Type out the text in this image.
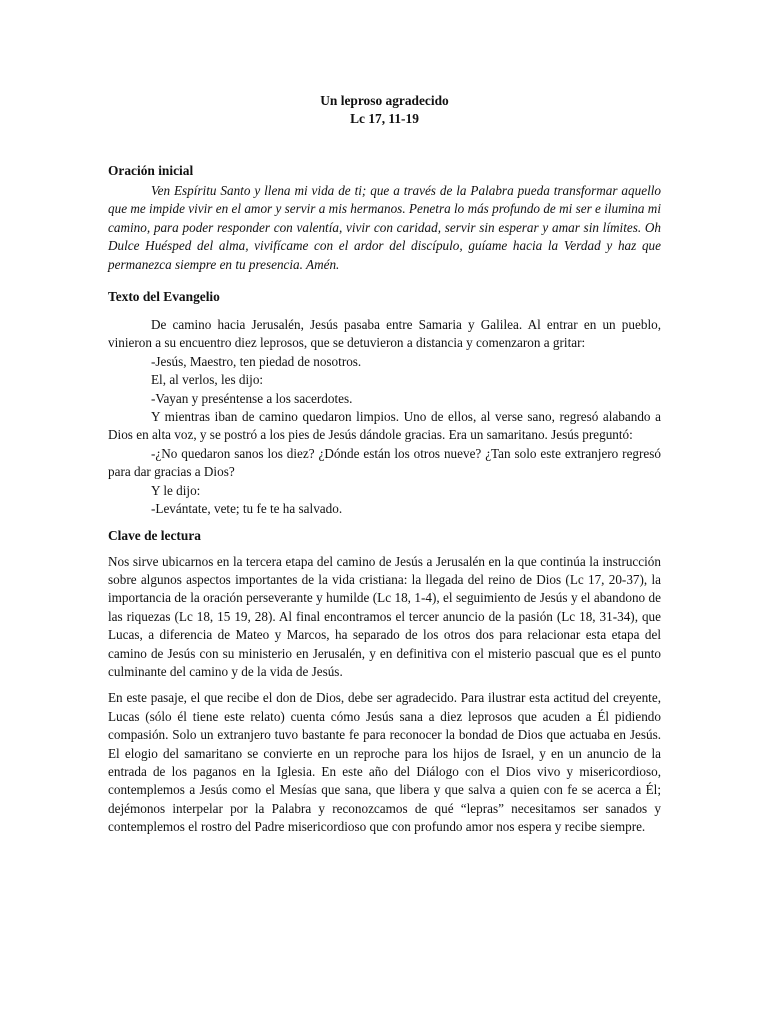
Un leproso agradecido
Lc 17, 11-19
Oración inicial

Ven Espíritu Santo y llena mi vida de ti; que a través de la Palabra pueda transformar aquello que me impide vivir en el amor y servir a mis hermanos. Penetra lo más profundo de mi ser e ilumina mi camino, para poder responder con valentía, vivir con caridad, servir sin esperar y amar sin límites. Oh Dulce Huésped del alma, vivifícame con el ardor del discípulo, guíame hacia la Verdad y haz que permanezca siempre en tu presencia. Amén.

Texto del Evangelio

De camino hacia Jerusalén, Jesús pasaba entre Samaria y Galilea. Al entrar en un pueblo, vinieron a su encuentro diez leprosos, que se detuvieron a distancia y comenzaron a gritar:

-Jesús, Maestro, ten piedad de nosotros.

El, al verlos, les dijo:

-Vayan y preséntense a los sacerdotes.

Y mientras iban de camino quedaron limpios. Uno de ellos, al verse sano, regresó alabando a Dios en alta voz, y se postró a los pies de Jesús dándole gracias. Era un samaritano. Jesús preguntó:

-¿No quedaron sanos los diez? ¿Dónde están los otros nueve? ¿Tan solo este extranjero regresó para dar gracias a Dios?

Y le dijo:

-Levántate, vete; tu fe te ha salvado.

Clave de lectura

Nos sirve ubicarnos en la tercera etapa del camino de Jesús a Jerusalén en la que continúa la instrucción sobre algunos aspectos importantes de la vida cristiana: la llegada del reino de Dios (Lc 17, 20-37), la importancia de la oración perseverante y humilde (Lc 18, 1-4), el seguimiento de Jesús y el abandono de las riquezas (Lc 18, 15 19, 28). Al final encontramos el tercer anuncio de la pasión (Lc 18, 31-34), que Lucas, a diferencia de Mateo y Marcos, ha separado de los otros dos para relacionar esta etapa del camino de Jesús con su ministerio en Jerusalén, y en definitiva con el misterio pascual que es el punto culminante del camino y de la vida de Jesús.

En este pasaje, el que recibe el don de Dios, debe ser agradecido. Para ilustrar esta actitud del creyente, Lucas (sólo él tiene este relato) cuenta cómo Jesús sana a diez leprosos que acuden a Él pidiendo compasión. Solo un extranjero tuvo bastante fe para reconocer la bondad de Dios que actuaba en Jesús. El elogio del samaritano se convierte en un reproche para los hijos de Israel, y en un anuncio de la entrada de los paganos en la Iglesia. En este año del Diálogo con el Dios vivo y misericordioso, contemplemos a Jesús como el Mesías que sana, que libera y que salva a quien con fe se acerca a Él; dejémonos interpelar por la Palabra y reconozcamos de qué “lepras” necesitamos ser sanados y contemplemos el rostro del Padre misericordioso que con profundo amor nos espera y recibe siempre.
